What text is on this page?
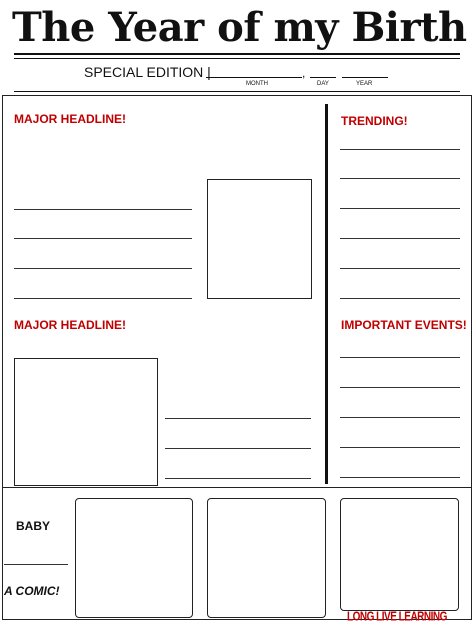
The Year of my Birth
SPECIAL EDITION |	,
MONTH	DAY	YEAR
MAJOR HEADLINE!	TRENDING!
MAJOR HEADLINE!	IMPORTANT EVENTS!
BABY
A COMIC!
LONG LIVE LEARNING
